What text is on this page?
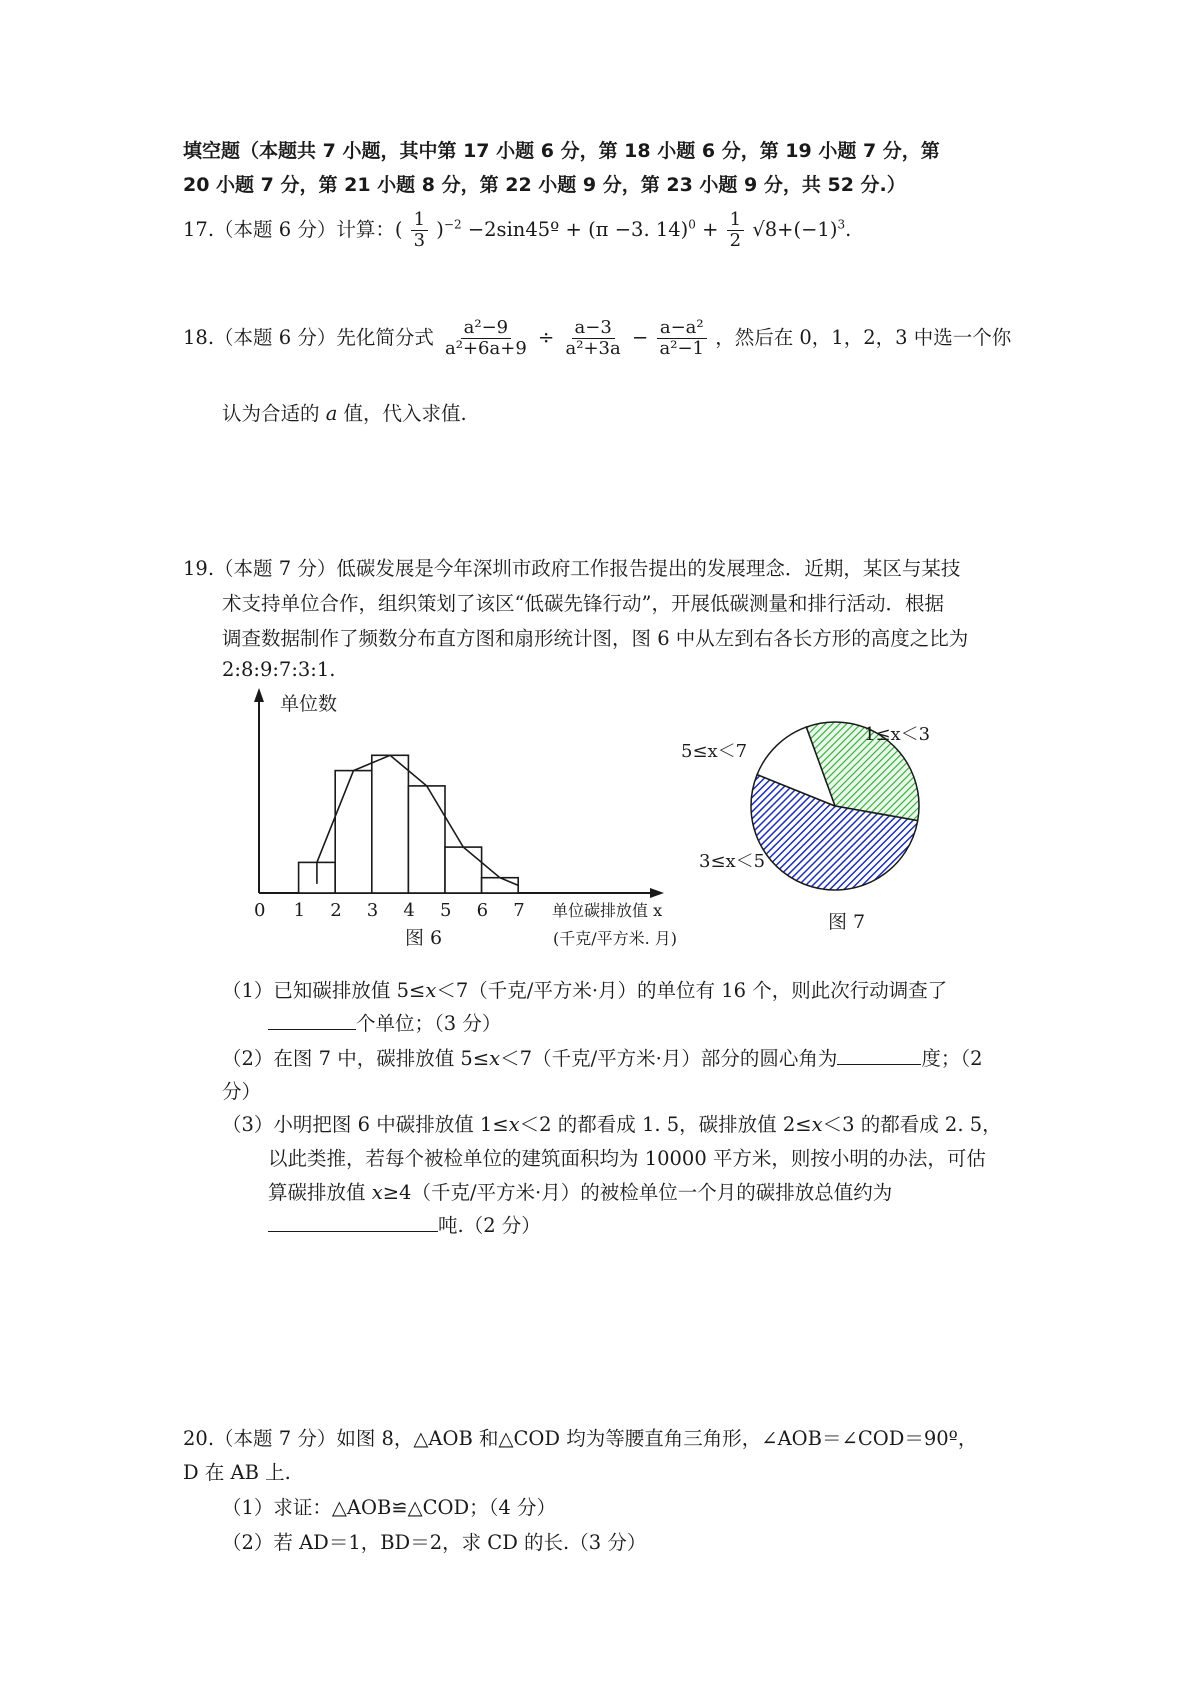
填空题（本题共 7 小题，其中第 17 小题 6 分，第 18 小题 6 分，第 19 小题 7 分，第
20 小题 7 分，第 21 小题 8 分，第 22 小题 9 分，第 23 小题 9 分，共 52 分.）
17.（本题 6 分）计算：( $\frac{1}{3} )^{-2}$ −2sin45º + (π −3. $14)^0 + \frac{1}{2} √8+(-1)^3$.
18.（本题 6 分）先化简分式 $\frac{\text{a²−9}}{\text{a²+6a+9}} \div \frac{a-3}{\text{a²+3a}} - \frac{\text{a−a²}}{\text{a²−1}}$ ，然后在 0，1，2，3 中选一个你
认为合适的 a 值，代入求值.
19.（本题 7 分）低碳发展是今年深圳市政府工作报告提出的发展理念．近期，某区与某技
术支持单位合作，组织策划了该区“低碳先锋行动”，开展低碳测量和排行活动．根据
调查数据制作了频数分布直方图和扇形统计图，图 6 中从左到右各长方形的高度之比为
2:8:9:7:3:1.
0 1 2 3 4 5 6 7
单位数
单位碳排放值 x
(千克/平方米. 月)
图 6
1≤x＜3
3≤x＜5
5≤x＜7
图 7
（1）已知碳排放值 5≤x＜7（千克/平方米·月）的单位有 16 个，则此次行动调查了
个单位；（3 分）
（2）在图 7 中，碳排放值 5≤x＜7（千克/平方米·月）部分的圆心角为	度；（2
分）
（3）小明把图 6 中碳排放值 1≤x＜2 的都看成 1. 5，碳排放值 2≤x＜3 的都看成 2. 5，
以此类推，若每个被检单位的建筑面积均为 10000 平方米，则按小明的办法，可估
算碳排放值 x≥4（千克/平方米·月）的被检单位一个月的碳排放总值约为
吨.（2 分）
20.（本题 7 分）如图 8，△AOB 和△COD 均为等腰直角三角形，∠AOB＝∠COD＝90º，
D 在 AB 上.
（1）求证：△AOB≌△COD；（4 分）
（2）若 AD＝1，BD＝2，求 CD 的长.（3 分）
